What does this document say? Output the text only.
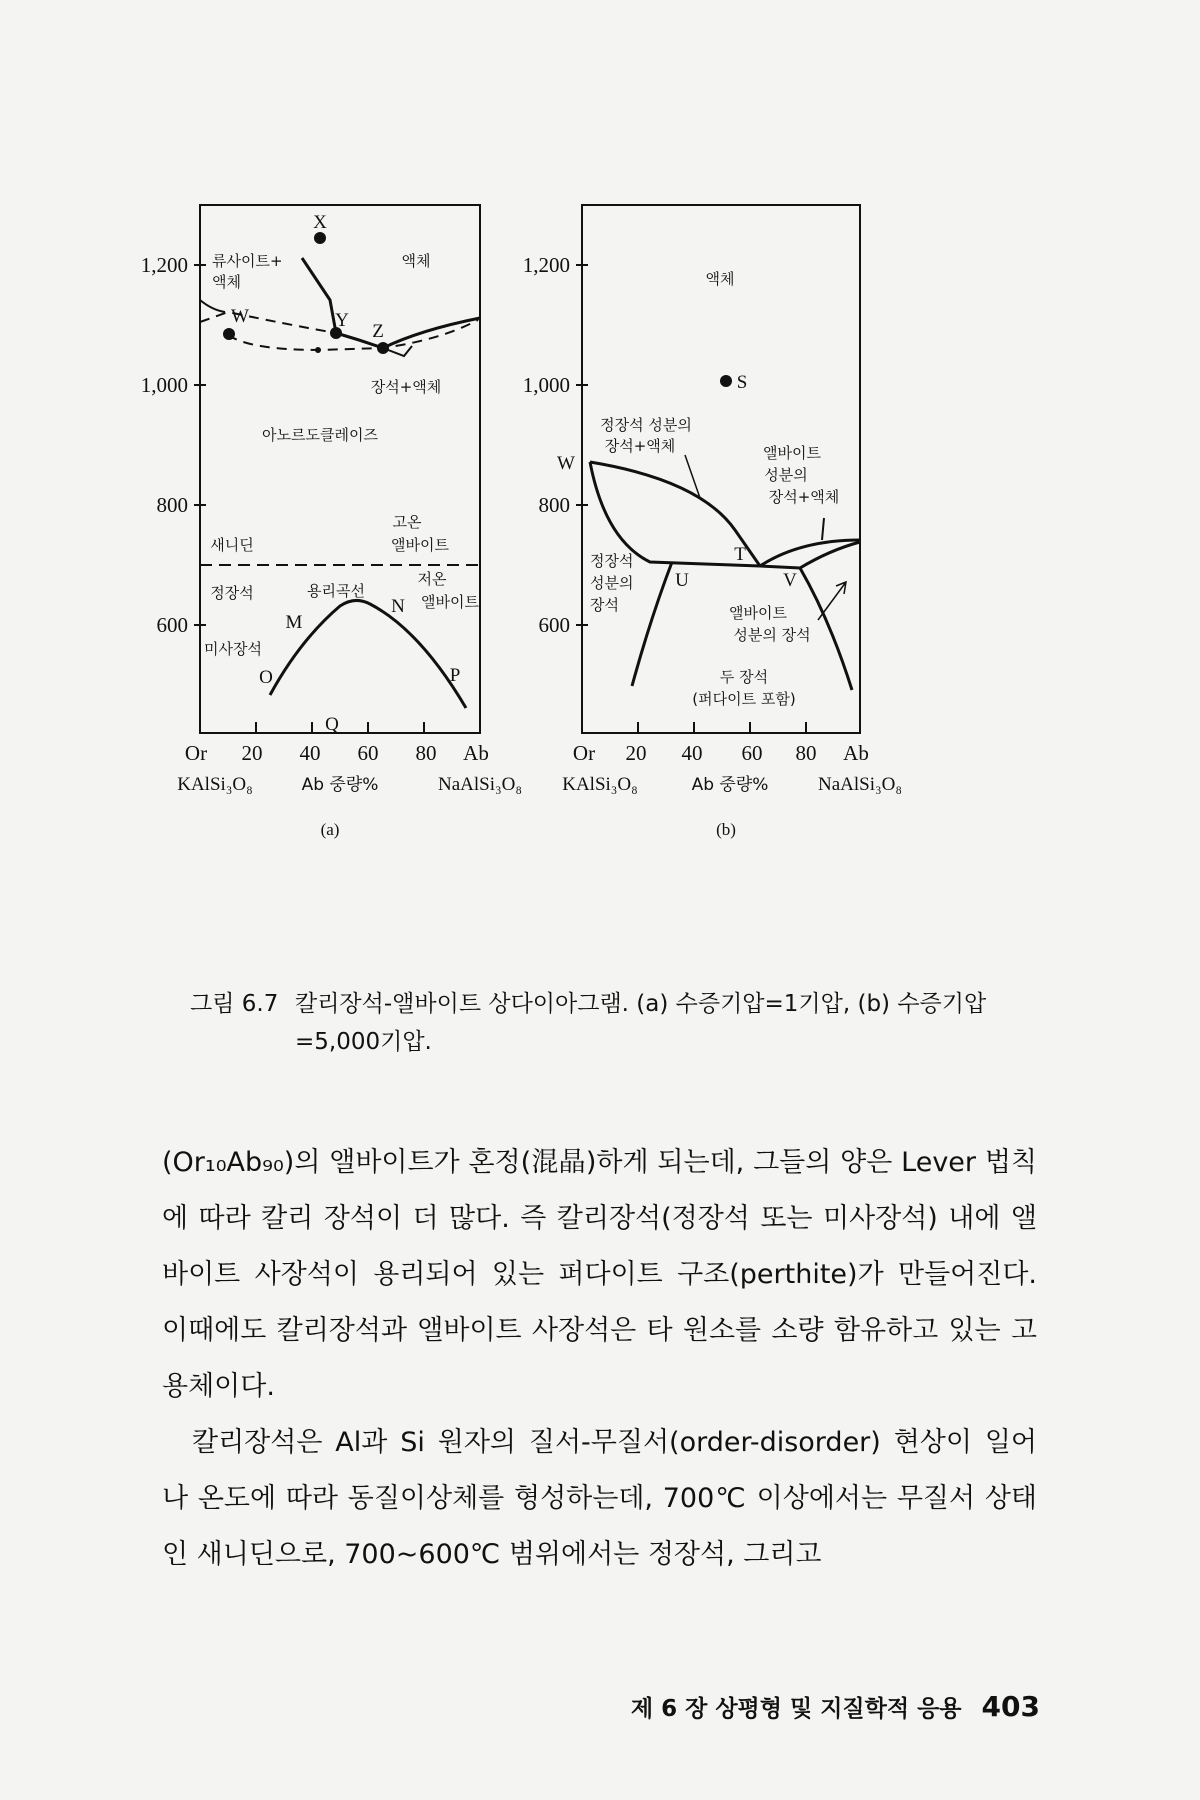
1,200
1,000
800
600
Or 20 40 60 80 Ab
KAlSi₃O₈	Ab 중량%	NaAlSi₃O₈
(a)
X
Y
Z
W
M
N
O	P
Q
류사이트+
액체
액체
장석+액체
아노르도클레이즈
새니딘
고온
앨바이트
정장석	용리곡선
저온
앨바이트
미사장석
1,200
1,000
800
600
Or 20 40 60 80 Ab
KAlSi₃O₈	Ab 중량%	NaAlSi₃O₈
(b)
S
W
T
U	V
액체
정장석 성분의
장석+액체	앨바이트
성분의
장석+액체
정장석
성분의
장석	앨바이트
성분의 장석
두 장석
(퍼다이트 포함)
그림 6.7 칼리장석-앨바이트 상다이아그램. (a) 수증기압=1기압, (b) 수증기압=5,000기압.

(Or₁₀Ab₉₀)의 앨바이트가 혼정(混晶)하게 되는데, 그들의 양은 Lever 법칙에 따라 칼리 장석이 더 많다. 즉 칼리장석(정장석 또는 미사장석) 내에 앨바이트 사장석이 용리되어 있는 퍼다이트 구조(perthite)가 만들어진다. 이때에도 칼리장석과 앨바이트 사장석은 타 원소를 소량 함유하고 있는 고용체이다.

칼리장석은 Al과 Si 원자의 질서-무질서(order-disorder) 현상이 일어나 온도에 따라 동질이상체를 형성하는데, 700℃ 이상에서는 무질서 상태인 새니딘으로, 700~600℃ 범위에서는 정장석, 그리고

제 6 장 상평형 및 지질학적 응용 403
